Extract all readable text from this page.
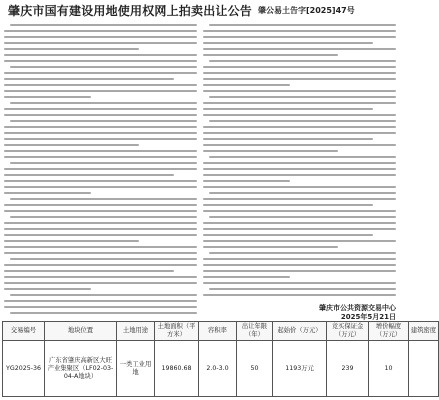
肇庆市国有建设用地使用权网上拍卖出让公告 肇公易土告字[2025]47号
肇庆市公共资源交易中心
2025年5月21日
交易编号	地块位置	土地用途	土地面积（平方米）	容积率	出让年限（年）	起始价（万元）	竞买保证金（万元）	增价幅度（万元）	建筑密度
YG2025-36	广东省肇庆高新区大旺产业集聚区（LF02-03-04-A地块）	一类工业用地	19860.68	2.0-3.0	50	1193万元	239	10	
